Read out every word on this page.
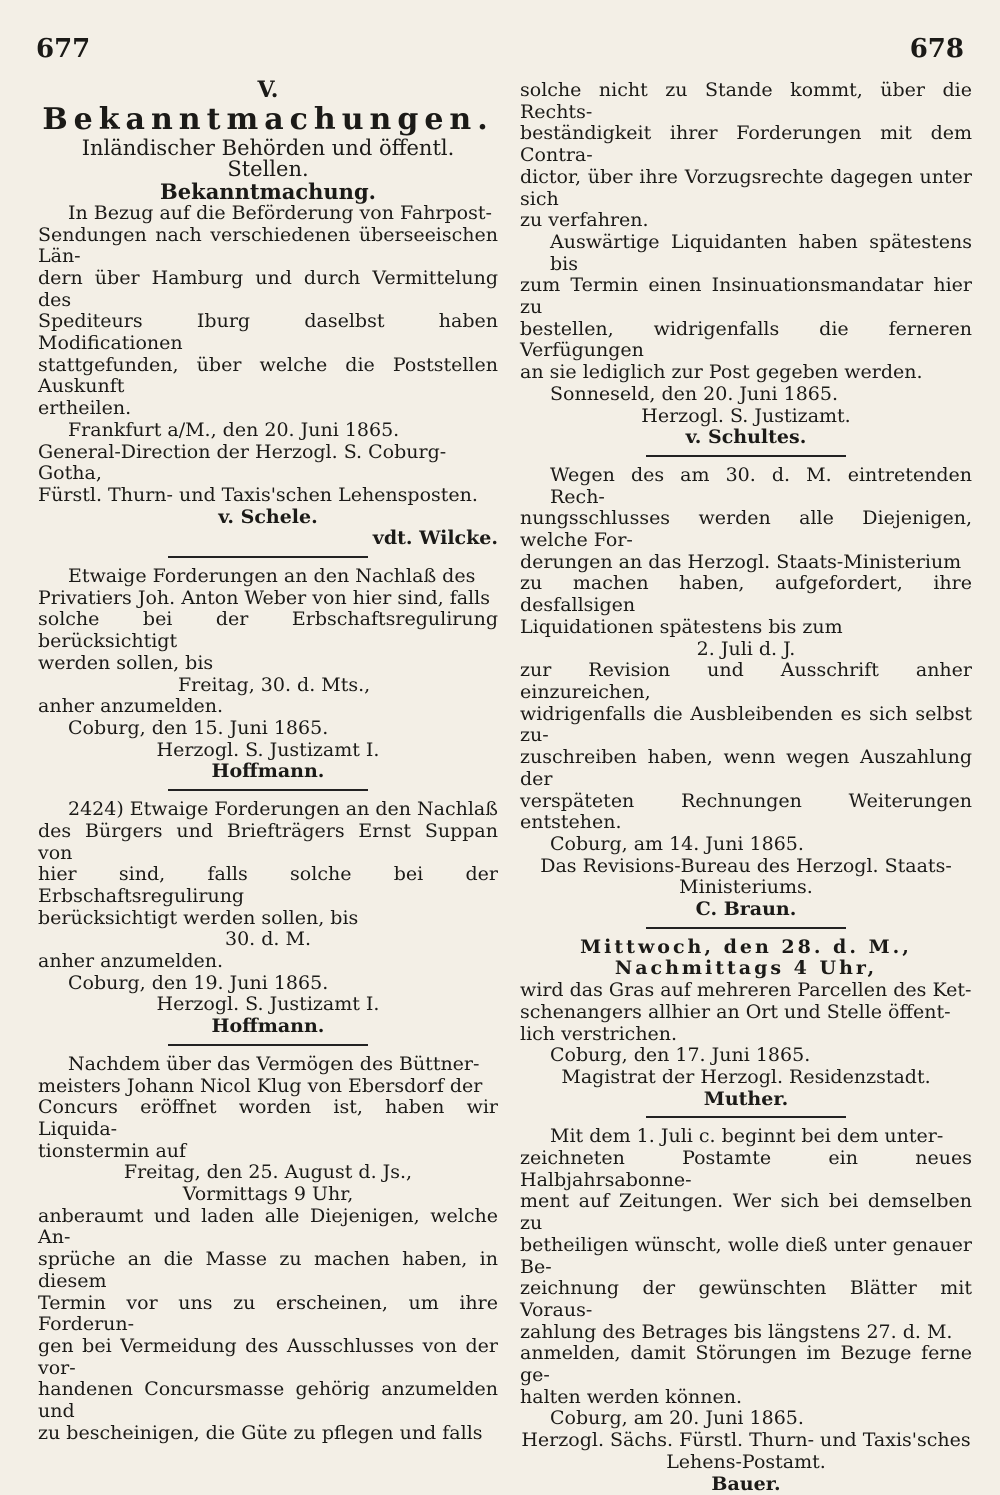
677	678

V.

Bekanntmachungen.

Inländischer Behörden und öffentl. Stellen.

Bekanntmachung.

In Bezug auf die Beförderung von Fahrpost-

Sendungen nach verschiedenen überseeischen Län-

dern über Hamburg und durch Vermittelung des

Spediteurs Iburg daselbst haben Modificationen

stattgefunden, über welche die Poststellen Auskunft

ertheilen.

Frankfurt a/M., den 20. Juni 1865.

General-Direction der Herzogl. S. Coburg-Gotha,

Fürstl. Thurn- und Taxis'schen Lehensposten.

v. Schele.

vdt. Wilcke.

Etwaige Forderungen an den Nachlaß des

Privatiers Joh. Anton Weber von hier sind, falls

solche bei der Erbschaftsregulirung berücksichtigt

werden sollen, bis

Freitag, 30. d. Mts.,

anher anzumelden.

Coburg, den 15. Juni 1865.

Herzogl. S. Justizamt I.

Hoffmann.

2424) Etwaige Forderungen an den Nachlaß

des Bürgers und Briefträgers Ernst Suppan von

hier sind, falls solche bei der Erbschaftsregulirung

berücksichtigt werden sollen, bis

30. d. M.

anher anzumelden.

Coburg, den 19. Juni 1865.

Herzogl. S. Justizamt I.

Hoffmann.

Nachdem über das Vermögen des Büttner-

meisters Johann Nicol Klug von Ebersdorf der

Concurs eröffnet worden ist, haben wir Liquida-

tionstermin auf

Freitag, den 25. August d. Js.,

Vormittags 9 Uhr,

anberaumt und laden alle Diejenigen, welche An-

sprüche an die Masse zu machen haben, in diesem

Termin vor uns zu erscheinen, um ihre Forderun-

gen bei Vermeidung des Ausschlusses von der vor-

handenen Concursmasse gehörig anzumelden und

zu bescheinigen, die Güte zu pflegen und falls

solche nicht zu Stande kommt, über die Rechts-

beständigkeit ihrer Forderungen mit dem Contra-

dictor, über ihre Vorzugsrechte dagegen unter sich

zu verfahren.

Auswärtige Liquidanten haben spätestens bis

zum Termin einen Insinuationsmandatar hier zu

bestellen, widrigenfalls die ferneren Verfügungen

an sie lediglich zur Post gegeben werden.

Sonneseld, den 20. Juni 1865.

Herzogl. S. Justizamt.

v. Schultes.

Wegen des am 30. d. M. eintretenden Rech-

nungsschlusses werden alle Diejenigen, welche For-

derungen an das Herzogl. Staats-Ministerium

zu machen haben, aufgefordert, ihre desfallsigen

Liquidationen spätestens bis zum

2. Juli d. J.

zur Revision und Ausschrift anher einzureichen,

widrigenfalls die Ausbleibenden es sich selbst zu-

zuschreiben haben, wenn wegen Auszahlung der

verspäteten Rechnungen Weiterungen entstehen.

Coburg, am 14. Juni 1865.

Das Revisions-Bureau des Herzogl. Staats-

Ministeriums.

C. Braun.

Mittwoch, den 28. d. M.,

Nachmittags 4 Uhr,

wird das Gras auf mehreren Parcellen des Ket-

schenangers allhier an Ort und Stelle öffent-

lich verstrichen.

Coburg, den 17. Juni 1865.

Magistrat der Herzogl. Residenzstadt.

Muther.

Mit dem 1. Juli c. beginnt bei dem unter-

zeichneten Postamte ein neues Halbjahrsabonne-

ment auf Zeitungen. Wer sich bei demselben zu

betheiligen wünscht, wolle dieß unter genauer Be-

zeichnung der gewünschten Blätter mit Voraus-

zahlung des Betrages bis längstens 27. d. M.

anmelden, damit Störungen im Bezuge ferne ge-

halten werden können.

Coburg, am 20. Juni 1865.

Herzogl. Sächs. Fürstl. Thurn- und Taxis'sches

Lehens-Postamt.

Bauer.
